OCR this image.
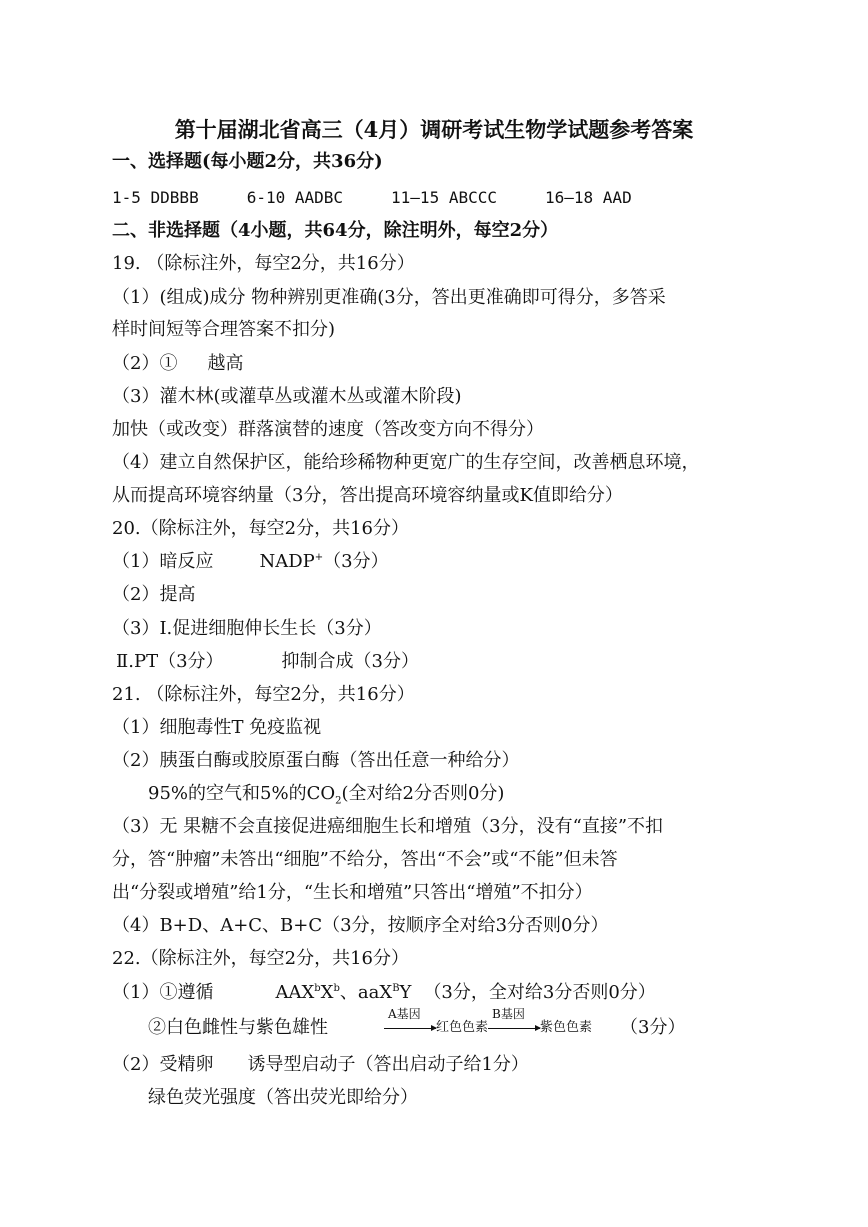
第十届湖北省高三（4月）调研考试生物学试题参考答案
一、选择题(每小题2分，共36分)
1-5 DDBBB	6-10 AADBC	11—15 ABCCC	16—18 AAD
二、非选择题（4小题，共64分，除注明外，每空2分）
19. （除标注外，每空2分，共16分）
（1）(组成)成分 物种辨别更准确(3分，答出更准确即可得分，多答采
样时间短等合理答案不扣分)
（2）① 越高
（3）灌木林(或灌草丛或灌木丛或灌木阶段)
加快（或改变）群落演替的速度（答改变方向不得分）
（4）建立自然保护区，能给珍稀物种更宽广的生存空间，改善栖息环境，
从而提高环境容纳量（3分，答出提高环境容纳量或K值即给分）
20.（除标注外，每空2分，共16分）
（1）暗反应	NADP+（3分）
（2）提高
（3）Ⅰ.促进细胞伸长生长（3分）
Ⅱ.PT（3分）	抑制合成（3分）
21. （除标注外，每空2分，共16分）
（1）细胞毒性T 免疫监视
（2）胰蛋白酶或胶原蛋白酶（答出任意一种给分）
95%的空气和5%的$CO_2$(全对给2分否则0分)
（3）无 果糖不会直接促进癌细胞生长和增殖（3分，没有“直接”不扣
分，答“肿瘤”未答出“细胞”不给分，答出“不会”或“不能”但未答
出“分裂或增殖”给1分，“生长和增殖”只答出“增殖”不扣分）
（4）B+D、A+C、B+C（3分，按顺序全对给3分否则0分）
22.（除标注外，每空2分，共16分）
（1）①遵循	$AAX^bX^b$、aaX$^B$Y （3分，全对给3分否则0分）
②白色雌性与紫色雄性
A基因
红色色素
B基因
紫色色素 （3分）
（2）受精卵 诱导型启动子（答出启动子给1分）
绿色荧光强度（答出荧光即给分）
